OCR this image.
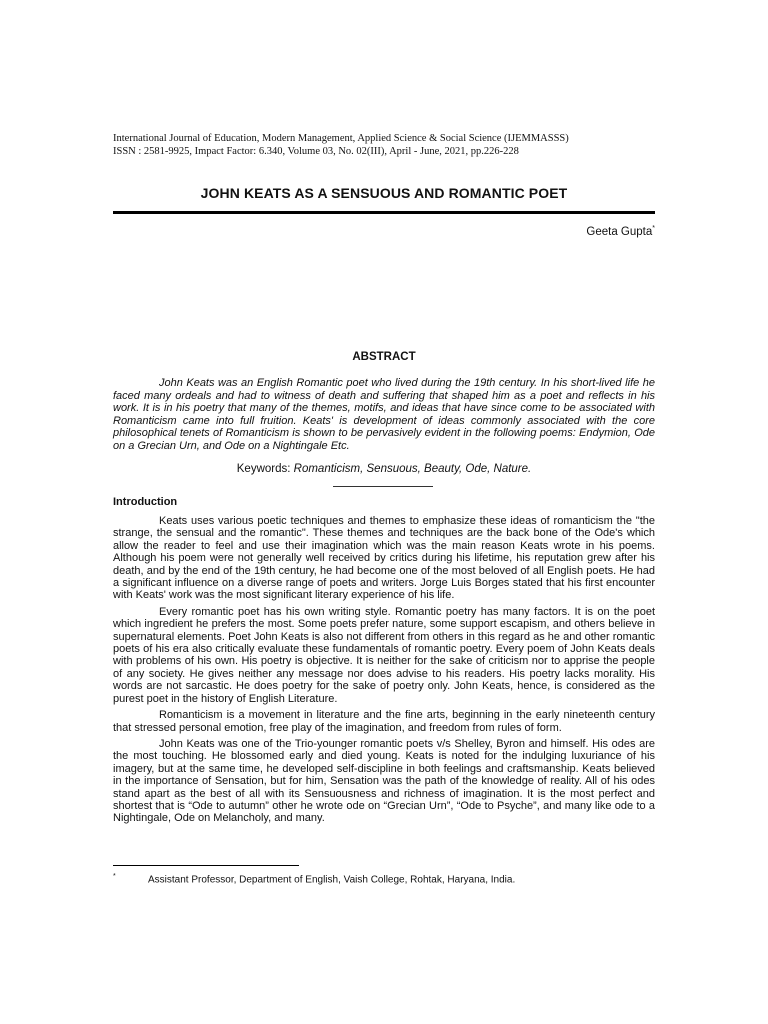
International Journal of Education, Modern Management, Applied Science & Social Science (IJEMMASSS)
ISSN : 2581-9925, Impact Factor: 6.340, Volume 03, No. 02(III), April - June, 2021, pp.226-228
JOHN KEATS AS A SENSUOUS AND ROMANTIC POET
Geeta Gupta*
ABSTRACT
John Keats was an English Romantic poet who lived during the 19th century. In his short-lived life he faced many ordeals and had to witness of death and suffering that shaped him as a poet and reflects in his work. It is in his poetry that many of the themes, motifs, and ideas that have since come to be associated with Romanticism came into full fruition. Keats' is development of ideas commonly associated with the core philosophical tenets of Romanticism is shown to be pervasively evident in the following poems: Endymion, Ode on a Grecian Urn, and Ode on a Nightingale Etc.
Keywords: Romanticism, Sensuous, Beauty, Ode, Nature.
Introduction

Keats uses various poetic techniques and themes to emphasize these ideas of romanticism the "the strange, the sensual and the romantic". These themes and techniques are the back bone of the Ode's which allow the reader to feel and use their imagination which was the main reason Keats wrote in his poems. Although his poem were not generally well received by critics during his lifetime, his reputation grew after his death, and by the end of the 19th century, he had become one of the most beloved of all English poets. He had a significant influence on a diverse range of poets and writers. Jorge Luis Borges stated that his first encounter with Keats' work was the most significant literary experience of his life.

Every romantic poet has his own writing style. Romantic poetry has many factors. It is on the poet which ingredient he prefers the most. Some poets prefer nature, some support escapism, and others believe in supernatural elements. Poet John Keats is also not different from others in this regard as he and other romantic poets of his era also critically evaluate these fundamentals of romantic poetry. Every poem of John Keats deals with problems of his own. His poetry is objective. It is neither for the sake of criticism nor to apprise the people of any society. He gives neither any message nor does advise to his readers. His poetry lacks morality. His words are not sarcastic. He does poetry for the sake of poetry only. John Keats, hence, is considered as the purest poet in the history of English Literature.

Romanticism is a movement in literature and the fine arts, beginning in the early nineteenth century that stressed personal emotion, free play of the imagination, and freedom from rules of form.

John Keats was one of the Trio-younger romantic poets v/s Shelley, Byron and himself. His odes are the most touching. He blossomed early and died young. Keats is noted for the indulging luxuriance of his imagery, but at the same time, he developed self-discipline in both feelings and craftsmanship. Keats believed in the importance of Sensation, but for him, Sensation was the path of the knowledge of reality. All of his odes stand apart as the best of all with its Sensuousness and richness of imagination. It is the most perfect and shortest that is “Ode to autumn” other he wrote ode on “Grecian Urn”, “Ode to Psyche”, and many like ode to a Nightingale, Ode on Melancholy, and many.

*	Assistant Professor, Department of English, Vaish College, Rohtak, Haryana, India.
